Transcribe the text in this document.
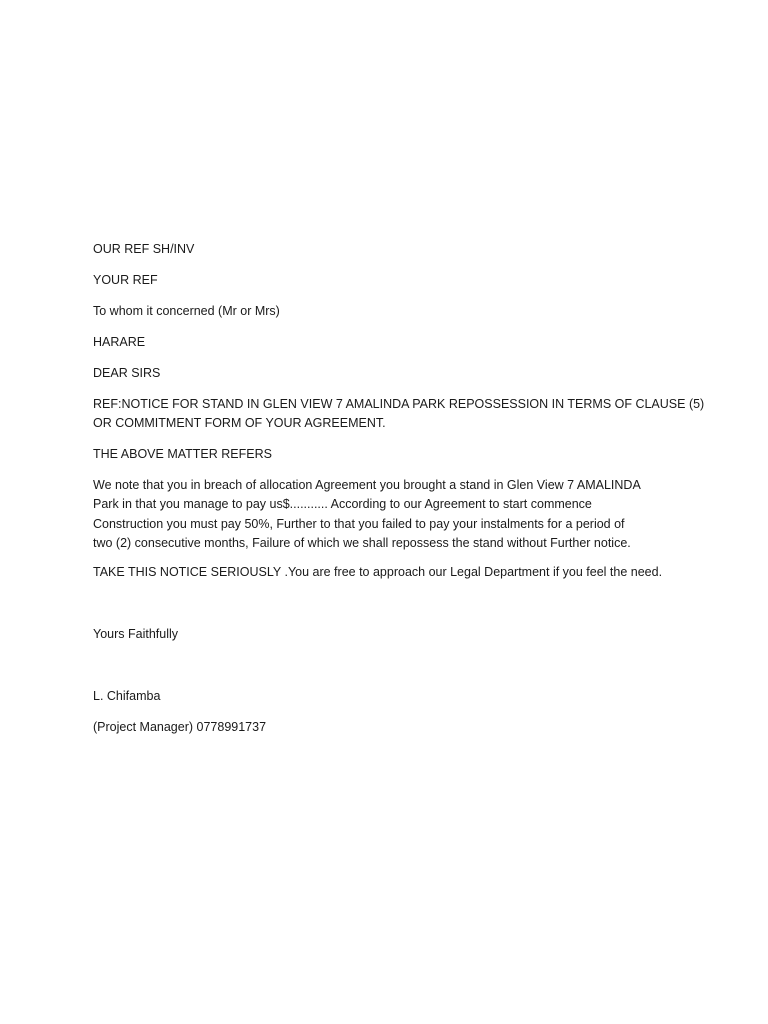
OUR REF SH/INV

YOUR REF

To whom it concerned (Mr or Mrs)

HARARE

DEAR SIRS

REF:NOTICE FOR STAND IN GLEN VIEW 7 AMALINDA PARK REPOSSESSION IN TERMS OF CLAUSE (5)
OR COMMITMENT FORM OF YOUR AGREEMENT.

THE ABOVE MATTER REFERS

We note that you in breach of allocation Agreement you brought a stand in Glen View 7 AMALINDA
Park in that you manage to pay us$........... According to our Agreement to start commence
Construction you must pay 50%, Further to that you failed to pay your instalments for a period of
two (2) consecutive months, Failure of which we shall repossess the stand without Further notice.

TAKE THIS NOTICE SERIOUSLY .You are free to approach our Legal Department if you feel the need.

Yours Faithfully

L. Chifamba

(Project Manager) 0778991737
